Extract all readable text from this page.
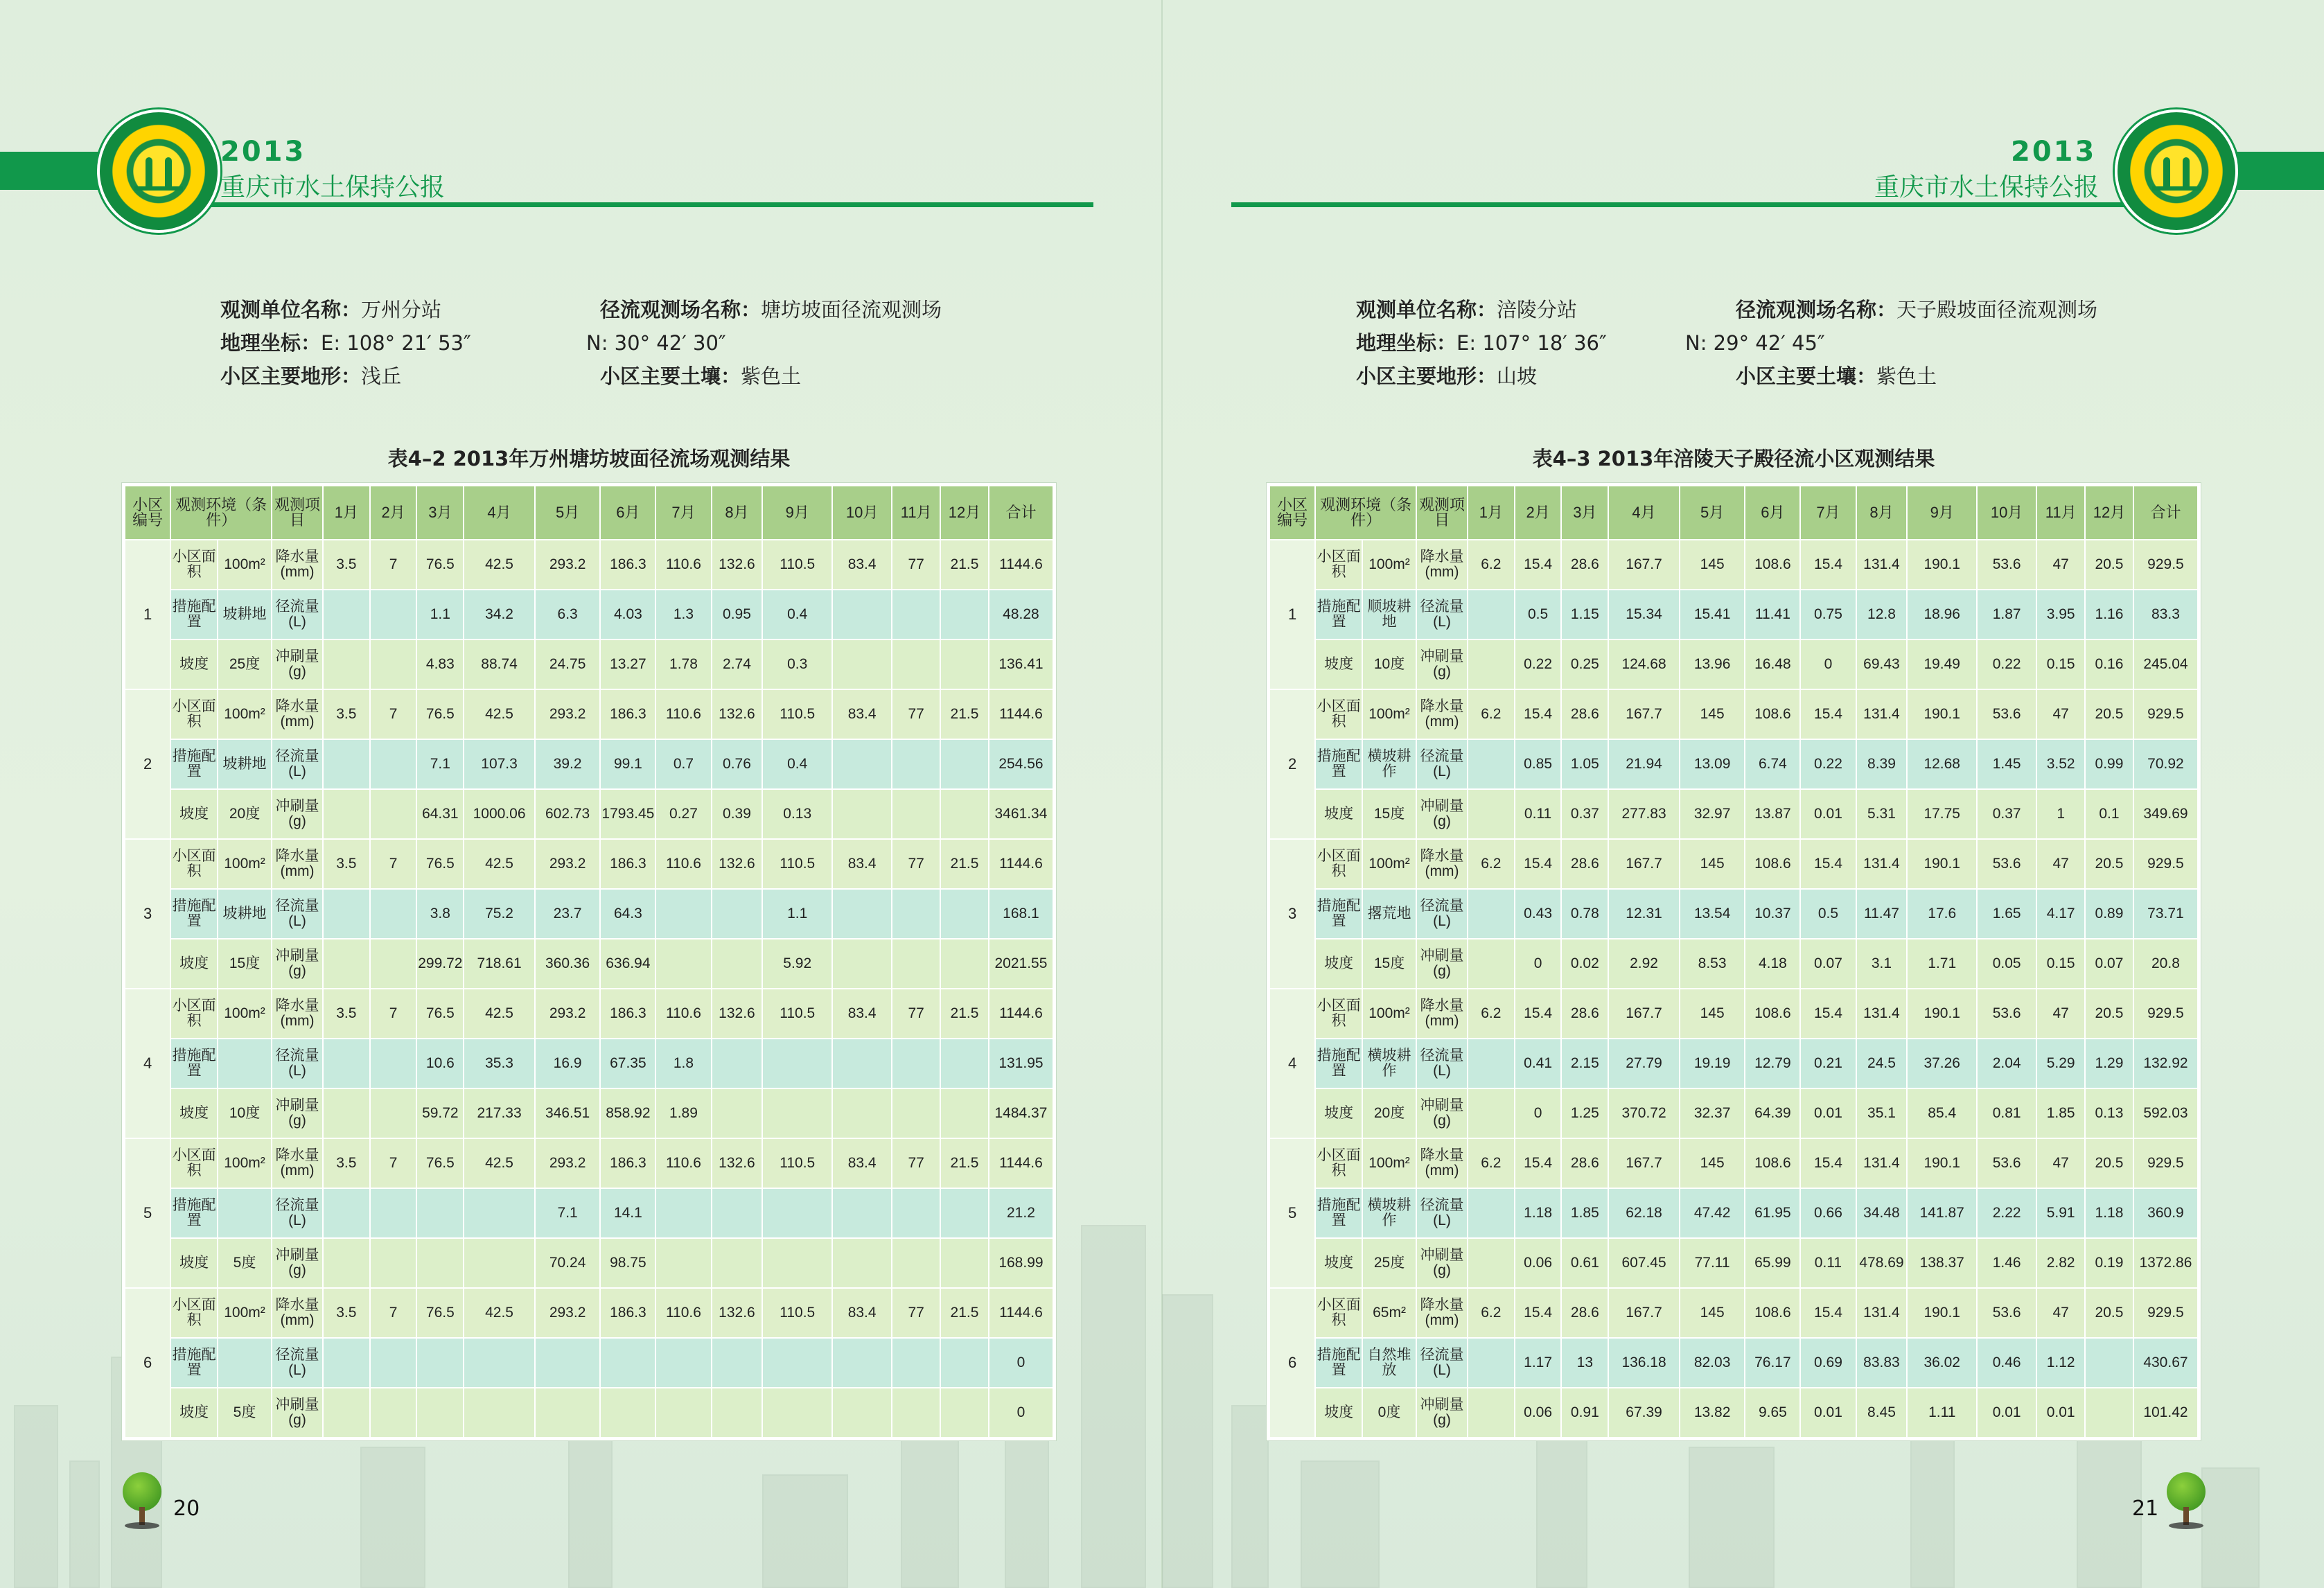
2013
重庆市水土保持公报
观测单位名称：万州分站	径流观测场名称：塘坊坡面径流观测场
地理坐标：E: 108° 21′ 53″	N: 30° 42′ 30″
小区主要地形：浅丘	小区主要土壤：紫色土
表4–2 2013年万州塘坊坡面径流场观测结果
小区编号	观测环境（条件）		观测项目	1月	2月	3月	4月	5月	6月	7月	8月	9月	10月	11月	12月	合计
1	小区面积	100m²	降水量(mm)	3.5	7	76.5	42.5	293.2	186.3	110.6	132.6	110.5	83.4	77	21.5	1144.6
	措施配置	坡耕地	径流量(L)			1.1	34.2	6.3	4.03	1.3	0.95	0.4				48.28
	坡度	25度	冲刷量(g)			4.83	88.74	24.75	13.27	1.78	2.74	0.3				136.41
2	小区面积	100m²	降水量(mm)	3.5	7	76.5	42.5	293.2	186.3	110.6	132.6	110.5	83.4	77	21.5	1144.6
	措施配置	坡耕地	径流量(L)			7.1	107.3	39.2	99.1	0.7	0.76	0.4				254.56
	坡度	20度	冲刷量(g)			64.31	1000.06	602.73	1793.45	0.27	0.39	0.13				3461.34
3	小区面积	100m²	降水量(mm)	3.5	7	76.5	42.5	293.2	186.3	110.6	132.6	110.5	83.4	77	21.5	1144.6
	措施配置	坡耕地	径流量(L)			3.8	75.2	23.7	64.3			1.1				168.1
	坡度	15度	冲刷量(g)			299.72	718.61	360.36	636.94			5.92				2021.55
4	小区面积	100m²	降水量(mm)	3.5	7	76.5	42.5	293.2	186.3	110.6	132.6	110.5	83.4	77	21.5	1144.6
	措施配置		径流量(L)			10.6	35.3	16.9	67.35	1.8						131.95
	坡度	10度	冲刷量(g)			59.72	217.33	346.51	858.92	1.89						1484.37
5	小区面积	100m²	降水量(mm)	3.5	7	76.5	42.5	293.2	186.3	110.6	132.6	110.5	83.4	77	21.5	1144.6
	措施配置		径流量(L)					7.1	14.1							21.2
	坡度	5度	冲刷量(g)					70.24	98.75							168.99
6	小区面积	100m²	降水量(mm)	3.5	7	76.5	42.5	293.2	186.3	110.6	132.6	110.5	83.4	77	21.5	1144.6
	措施配置		径流量(L)													0
	坡度	5度	冲刷量(g)													0
20
2013
重庆市水土保持公报
观测单位名称：涪陵分站	径流观测场名称：天子殿坡面径流观测场
地理坐标：E: 107° 18′ 36″	N: 29° 42′ 45″
小区主要地形：山坡	小区主要土壤：紫色土
表4–3 2013年涪陵天子殿径流小区观测结果
小区编号	观测环境（条件）		观测项目	1月	2月	3月	4月	5月	6月	7月	8月	9月	10月	11月	12月	合计
1	小区面积	100m²	降水量(mm)	6.2	15.4	28.6	167.7	145	108.6	15.4	131.4	190.1	53.6	47	20.5	929.5
	措施配置	顺坡耕地	径流量(L)		0.5	1.15	15.34	15.41	11.41	0.75	12.8	18.96	1.87	3.95	1.16	83.3
	坡度	10度	冲刷量(g)		0.22	0.25	124.68	13.96	16.48	0	69.43	19.49	0.22	0.15	0.16	245.04
2	小区面积	100m²	降水量(mm)	6.2	15.4	28.6	167.7	145	108.6	15.4	131.4	190.1	53.6	47	20.5	929.5
	措施配置	横坡耕作	径流量(L)		0.85	1.05	21.94	13.09	6.74	0.22	8.39	12.68	1.45	3.52	0.99	70.92
	坡度	15度	冲刷量(g)		0.11	0.37	277.83	32.97	13.87	0.01	5.31	17.75	0.37	1	0.1	349.69
3	小区面积	100m²	降水量(mm)	6.2	15.4	28.6	167.7	145	108.6	15.4	131.4	190.1	53.6	47	20.5	929.5
	措施配置	撂荒地	径流量(L)		0.43	0.78	12.31	13.54	10.37	0.5	11.47	17.6	1.65	4.17	0.89	73.71
	坡度	15度	冲刷量(g)		0	0.02	2.92	8.53	4.18	0.07	3.1	1.71	0.05	0.15	0.07	20.8
4	小区面积	100m²	降水量(mm)	6.2	15.4	28.6	167.7	145	108.6	15.4	131.4	190.1	53.6	47	20.5	929.5
	措施配置	横坡耕作	径流量(L)		0.41	2.15	27.79	19.19	12.79	0.21	24.5	37.26	2.04	5.29	1.29	132.92
	坡度	20度	冲刷量(g)		0	1.25	370.72	32.37	64.39	0.01	35.1	85.4	0.81	1.85	0.13	592.03
5	小区面积	100m²	降水量(mm)	6.2	15.4	28.6	167.7	145	108.6	15.4	131.4	190.1	53.6	47	20.5	929.5
	措施配置	横坡耕作	径流量(L)		1.18	1.85	62.18	47.42	61.95	0.66	34.48	141.87	2.22	5.91	1.18	360.9
	坡度	25度	冲刷量(g)		0.06	0.61	607.45	77.11	65.99	0.11	478.69	138.37	1.46	2.82	0.19	1372.86
6	小区面积	65m²	降水量(mm)	6.2	15.4	28.6	167.7	145	108.6	15.4	131.4	190.1	53.6	47	20.5	929.5
	措施配置	自然堆放	径流量(L)		1.17	13	136.18	82.03	76.17	0.69	83.83	36.02	0.46	1.12		430.67
	坡度	0度	冲刷量(g)		0.06	0.91	67.39	13.82	9.65	0.01	8.45	1.11	0.01	0.01		101.42
21
